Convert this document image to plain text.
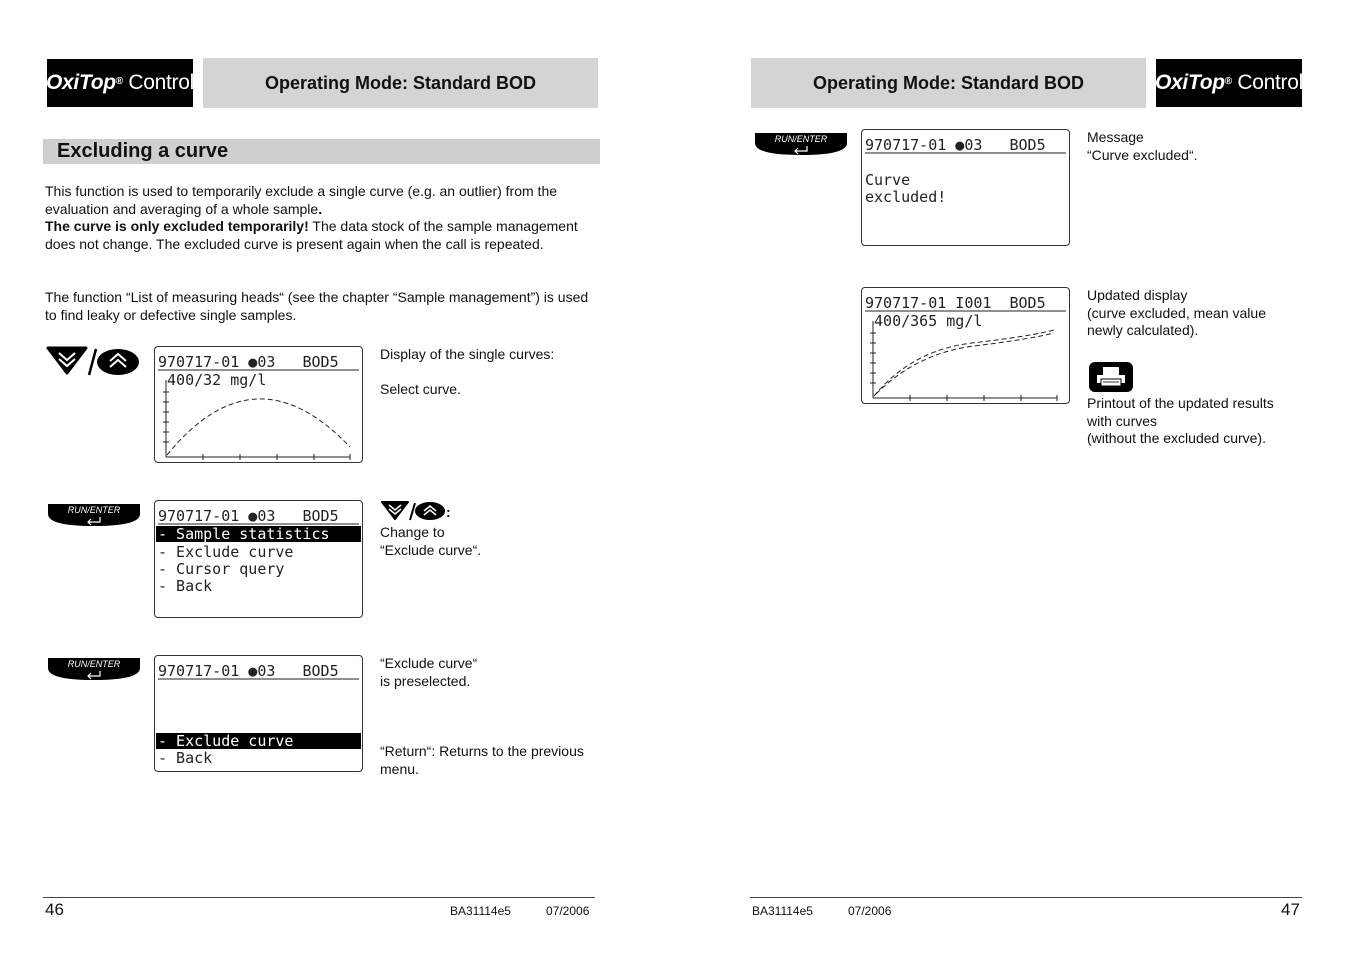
OxiTop®
Control	Operating Mode: Standard BOD
Excluding a curve
This function is used to temporarily exclude a single curve (e.g. an outlier) from the evaluation and averaging of a whole sample.
The curve is only excluded temporarily! The data stock of the sample management does not change. The excluded curve is present again when the call is repeated.
The function “List of measuring heads“ (see the chapter “Sample management”) is used to find leaky or defective single samples.
970717-01 ●03   BOD5
400/32 mg/l
Display of the single curves:
Select curve.
RUN/ENTER	970717-01 ●03   BOD5
- Sample statistics
- Exclude curve
- Cursor query
- Back
:
Change to
“Exclude curve“.
RUN/ENTER	970717-01 ●03   BOD5
- Exclude curve
- Back
“Exclude curve“
is preselected.
“Return“: Returns to the previous
menu.
46	BA31114e5	07/2006
Operating Mode: Standard BOD	OxiTop®
Control
RUN/ENTER	970717-01 ●03   BOD5
Curve
excluded!
Message
“Curve excluded“.
970717-01 I001  BOD5
400/365 mg/l
Updated display
(curve excluded, mean value
newly calculated).
Printout of the updated results
with curves
(without the excluded curve).
BA31114e5	07/2006	47
